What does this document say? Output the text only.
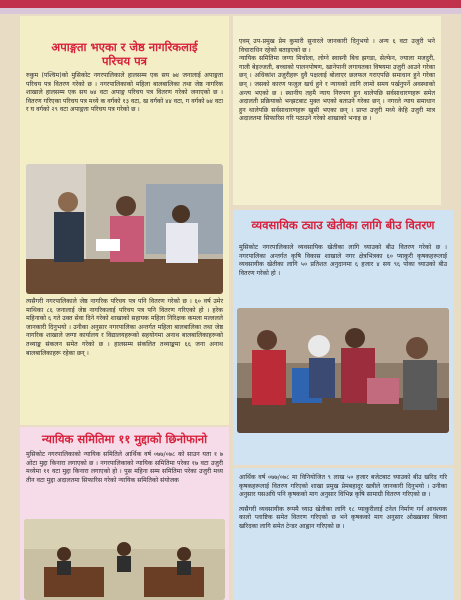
अपाङ्गता भएका र जेष्ठ नागरिकलाई

परिचय पत्र

रुकुम (पश्चिम)को मुसिकोट नगरपालिकाले हालसम्म एक सय ७४ जनालाई अपाङ्गता परिचय पत्र वितरण गरेको छ । नगरपालिकाको महिला बालबालिका तथा जेष्ठ नागरिक शाखाले हालसम्म एक सय ७४ वटा अपाङ्ग परिचय पत्र वितरण गरेको जनाएको छ । वितरण गरिएका परिचय पत्र मध्ये क वर्गको १३ वटा, ख वर्गको ४४ वटा, ग वर्गको ७४ वटा र घ वर्गको २९ वटा अपाङ्गता परिचय पत्र गरेको छ ।

त्यसैगरी नगरपालिकाले जेष्ठ नागरिक परिचय पत्र पनि वितरण गरेको छ । ६० वर्ष उमेर माथिका ८६ जनालाई जेष्ठ नागरिकलाई परिचय पत्र पनि वितरण गरिएको हो । हरेक महिनाको ६ गते उक्त सेवा दिने गरेको शाखाको सहायक महिला निरिक्षक कमला मल्ललले जानकारी दिनुभयो । उनीका अनुसार नगरपालिका अन्तर्गत महिला बालबालिका तथा जेष्ठ नागरिक शाखाले जग्गा कार्यालय र विद्यालयहरूको सहयोगमा अनाथ बालबालिकाहरूको तथ्याङ्क संकलन समेत गरेको छ । हालसम्म संकलित तथ्याङ्कमा ६६ जना अनाथ बालबालिकाहरू रहेका छन् ।

एवम् उप-प्रमुख प्रेम कुमारी सुनारले जानकारी दिनुभयो । अन्य ६ वटा उजुरी भने विचाराधिन रहेको बताइएको छ ।

न्यायिक समितिमा जग्गा मिचोला, लोग्ने स्वास्नी बिच झगडा, सेल्फेन, ज्याला मजदुरी, गाली बेइज्जती, बच्चाको पालनपोषण, खानेपानी लगायतका विषयमा उजुरी आउने गरेका छन् । अधिकांश उजुरीहरू दुवै पक्षलाई बोलाएर छलफल गराएपछि समाधान हुने गरेका छन् । जसको कारण फजुल खर्च हुने र न्यायको लागि लामो समय पर्खनुपर्ने अवस्थाको अन्त्य भएको छ । स्थानीय तहमै न्याय निरुपण हुन थालेपछि सर्वसाधारणहरू समेत अदालती प्रक्रियाको भन्झटबाट मुक्त भएको बताउने गरेका छन् । नगरले न्याय समाधान हुन थालेपछि सर्वसाधारणहरू खुसी भएका छन् । प्राप्त उजुरी मध्ये केहि उजुरी मात्र अदालतमा सिफारिस गरि पठाउने गरेको शाखाको भनाइ छ ।

व्यवसायिक ट्याउ खेतीका लागि बीउ वितरण

मुसिकोट नगरपालिकाले व्यवसायिक खेतीका लागि च्याउको बीउ वितरण गरेको छ । नगरपालिका अन्तर्गत कृषि विकास शाखाले नगर क्षेत्रभित्रका ६० प्याकुरी कृषकहरूलाई व्यवसायीक खेतीका लागि ५० प्रतिशत अनुदानमा ६ हजार ४ सय ९६ पोका च्याउको बीउ वितरण गरेको हो ।

न्यायिक समितिमा ११ मुद्दाको छिनोफानो

मुसिकोट नगरपालिकाको न्यायिक समितिले आर्थिक वर्ष ०७७/०७८ को साउन यता १ ७ ओटा मुद्दा किनारा लगाएको छ । नगरपालिकाको न्यायिक समितिमा परेका १७ वटा उजुरी मध्येमा ११ वटा मुद्दा किनारा लगाएको हो । पुस महिना सम्म समितिमा परेका उजुरी मध्य तीन वटा मुद्दा अदालतमा सिफारिस गरेको न्यायिक समितिको संयोजक	आर्थिक वर्ष ०७७/०७८ मा विनियोजित ९ लाख ५० हजार बजेटबाट च्याउको बीउ खरिद गरि कृषकहरूलाई वितरण गरिएको शाखा प्रमुख प्रेमबहादुर खत्रीले जानकारी दिनुभयो । उनीका अनुसार यसअघि पनि कृषकको माग अनुसार विभिन्न कृषि सामाग्री वितरण गरिएको छ ।

त्यसैगरी व्यवसायीक रूपमै च्याउ खेतीका लागि १८ प्याकुरीलाई टनेल निर्माण गर्न आवश्यक कालो प्लाष्टिक समेत वितरण गरिएको छ भने कृषकको माग अनुसार ओख्खाका बिरुवा खरिदका लागि समेत टेन्डर आह्वान गरिएको छ ।
